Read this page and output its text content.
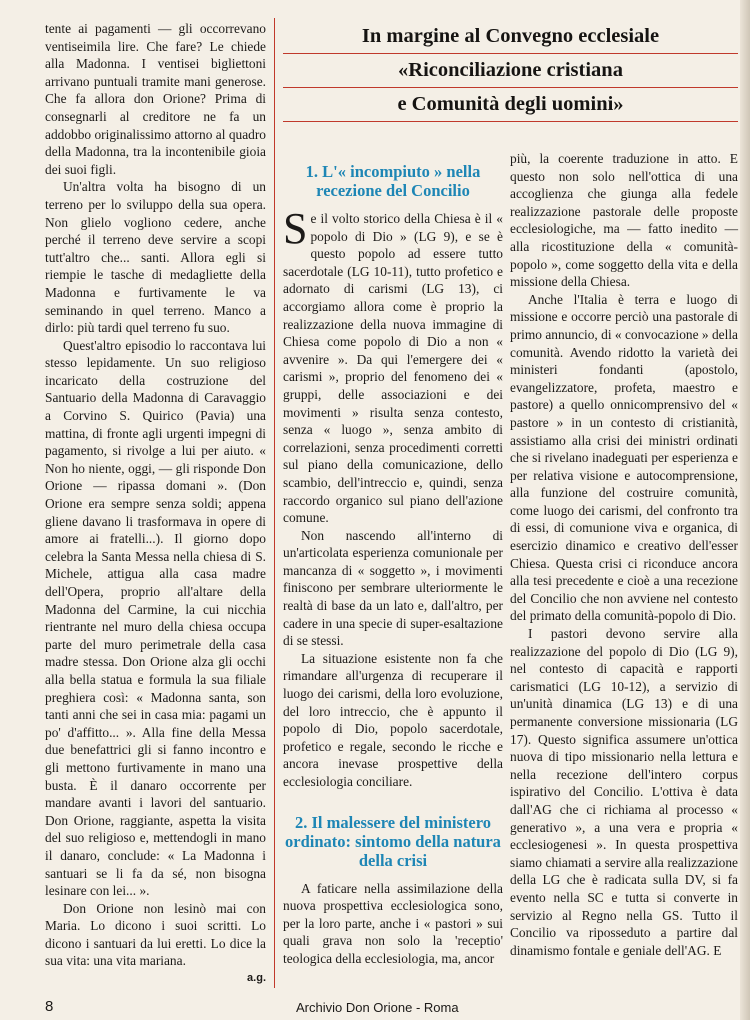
tente ai pagamenti — gli occorrevano ventiseimila lire. Che fare? Le chiede alla Madonna. I ventisei bigliettoni arrivano puntuali tramite mani generose. Che fa allora don Orione? Prima di consegnarli al creditore ne fa un addobbo originalissimo attorno al quadro della Madonna, tra la incontenibile gioia dei suoi figli.

Un'altra volta ha bisogno di un terreno per lo sviluppo della sua opera. Non glielo vogliono cedere, anche perché il terreno deve servire a scopi tutt'altro che... santi. Allora egli si riempie le tasche di medagliette della Madonna e furtivamente le va seminando in quel terreno. Manco a dirlo: più tardi quel terreno fu suo.

Quest'altro episodio lo raccontava lui stesso lepidamente. Un suo religioso incaricato della costruzione del Santuario della Madonna di Caravaggio a Corvino S. Quirico (Pavia) una mattina, di fronte agli urgenti impegni di pagamento, si rivolge a lui per aiuto. « Non ho niente, oggi, — gli risponde Don Orione — ripassa domani ». (Don Orione era sempre senza soldi; appena gliene davano li trasformava in opere di amore ai fratelli...). Il giorno dopo celebra la Santa Messa nella chiesa di S. Michele, attigua alla casa madre dell'Opera, proprio all'altare della Madonna del Carmine, la cui nicchia rientrante nel muro della chiesa occupa parte del muro perimetrale della casa madre stessa. Don Orione alza gli occhi alla bella statua e formula la sua filiale preghiera così: « Madonna santa, son tanti anni che sei in casa mia: pagami un po' d'affitto... ». Alla fine della Messa due benefattrici gli si fanno incontro e gli mettono furtivamente in mano una busta. È il danaro occorrente per mandare avanti i lavori del santuario. Don Orione, raggiante, aspetta la visita del suo religioso e, mettendogli in mano il danaro, conclude: « La Madonna i santuari se li fa da sé, non bisogna lesinare con lei... ».

Don Orione non lesinò mai con Maria. Lo dicono i suoi scritti. Lo dicono i santuari da lui eretti. Lo dice la sua vita: una vita mariana.

a.g.
In margine al Convegno ecclesiale
«Riconciliazione cristiana
e Comunità degli uomini»
1. L'« incompiuto » nella recezione del Concilio

Se il volto storico della Chiesa è il « popolo di Dio » (LG 9), e se è questo popolo ad essere tutto sacerdotale (LG 10-11), tutto profetico e adornato di carismi (LG 13), ci accorgiamo allora come è proprio la realizzazione della nuova immagine di Chiesa come popolo di Dio a non « avvenire ». Da qui l'emergere dei « carismi », proprio del fenomeno dei « gruppi, delle associazioni e dei movimenti » risulta senza contesto, senza « luogo », senza ambito di correlazioni, senza procedimenti corretti sul piano della comunicazione, dello scambio, dell'intreccio e, quindi, senza raccordo organico sul piano dell'azione comune.

Non nascendo all'interno di un'articolata esperienza comunionale per mancanza di « soggetto », i movimenti finiscono per sembrare ulteriormente le realtà di base da un lato e, dall'altro, per cadere in una specie di super-esaltazione di se stessi.

La situazione esistente non fa che rimandare all'urgenza di recuperare il luogo dei carismi, della loro evoluzione, del loro intreccio, che è appunto il popolo di Dio, popolo sacerdotale, profetico e regale, secondo le ricche e ancora inevase prospettive della ecclesiologia conciliare.

2. Il malessere del ministero ordinato: sintomo della natura della crisi

A faticare nella assimilazione della nuova prospettiva ecclesiologica sono, per la loro parte, anche i « pastori » sui quali grava non solo la 'receptio' teologica della ecclesiologia, ma, ancor

più, la coerente traduzione in atto. E questo non solo nell'ottica di una accoglienza che giunga alla fedele realizzazione pastorale delle proposte ecclesiologiche, ma — fatto inedito — alla ricostituzione della « comunità-popolo », come soggetto della vita e della missione della Chiesa.

Anche l'Italia è terra e luogo di missione e occorre perciò una pastorale di primo annuncio, di « convocazione » della comunità. Avendo ridotto la varietà dei ministeri fondanti (apostolo, evangelizzatore, profeta, maestro e pastore) a quello onnicomprensivo del « pastore » in un contesto di cristianità, assistiamo alla crisi dei ministri ordinati che si rivelano inadeguati per esperienza e per relativa visione e autocomprensione, alla funzione del costruire comunità, come luogo dei carismi, del confronto tra di essi, di comunione viva e organica, di esercizio dinamico e creativo dell'esser Chiesa. Questa crisi ci riconduce ancora alla tesi precedente e cioè a una recezione del Concilio che non avviene nel contesto del primato della comunità-popolo di Dio.

I pastori devono servire alla realizzazione del popolo di Dio (LG 9), nel contesto di capacità e rapporti carismatici (LG 10-12), a servizio di un'unità dinamica (LG 13) e di una permanente conversione missionaria (LG 17). Questo significa assumere un'ottica nuova di tipo missionario nella lettura e nella recezione dell'intero corpus ispirativo del Concilio. L'ottiva è data dall'AG che ci richiama al processo « generativo », a una vera e propria « ecclesiogenesi ». In questa prospettiva siamo chiamati a servire alla realizzazione della LG che è radicata sulla DV, si fa evento nella SC e tutta si converte in servizio al Regno nella GS. Tutto il Concilio va riposseduto a partire dal dinamismo fontale e geniale dell'AG. E

8	Archivio Don Orione - Roma
